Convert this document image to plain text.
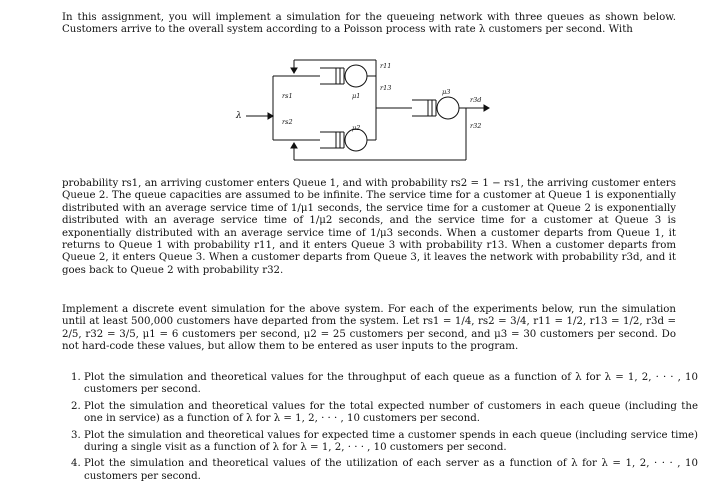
In this assignment, you will implement a simulation for the queueing network with three queues as shown below. Customers arrive to the overall system according to a Poisson process with rate λ customers per second. With
λ
rs1
rs2
μ1
μ2
μ3
r11
r13
r3d
r32
probability rs1, an arriving customer enters Queue 1, and with probability rs2 = 1 − rs1, the arriving customer enters Queue 2. The queue capacities are assumed to be infinite. The service time for a customer at Queue 1 is exponentially distributed with an average service time of 1/μ1 seconds, the service time for a customer at Queue 2 is exponentially distributed with an average service time of 1/μ2 seconds, and the service time for a customer at Queue 3 is exponentially distributed with an average service time of 1/μ3 seconds. When a customer departs from Queue 1, it returns to Queue 1 with probability r11, and it enters Queue 3 with probability r13. When a customer departs from Queue 2, it enters Queue 3. When a customer departs from Queue 3, it leaves the network with probability r3d, and it goes back to Queue 2 with probability r32.
Implement a discrete event simulation for the above system. For each of the experiments below, run the simulation until at least 500,000 customers have departed from the system. Let rs1 = 1/4, rs2 = 3/4, r11 = 1/2, r13 = 1/2, r3d = 2/5, r32 = 3/5, μ1 = 6 customers per second, μ2 = 25 customers per second, and μ3 = 30 customers per second. Do not hard-code these values, but allow them to be entered as user inputs to the program.
1. Plot the simulation and theoretical values for the throughput of each queue as a function of λ for λ = 1, 2, · · · , 10 customers per second.
2. Plot the simulation and theoretical values for the total expected number of customers in each queue (including the one in service) as a function of λ for λ = 1, 2, · · · , 10 customers per second.
3. Plot the simulation and theoretical values for expected time a customer spends in each queue (including service time) during a single visit as a function of λ for λ = 1, 2, · · · , 10 customers per second.
4. Plot the simulation and theoretical values of the utilization of each server as a function of λ for λ = 1, 2, · · · , 10 customers per second.
